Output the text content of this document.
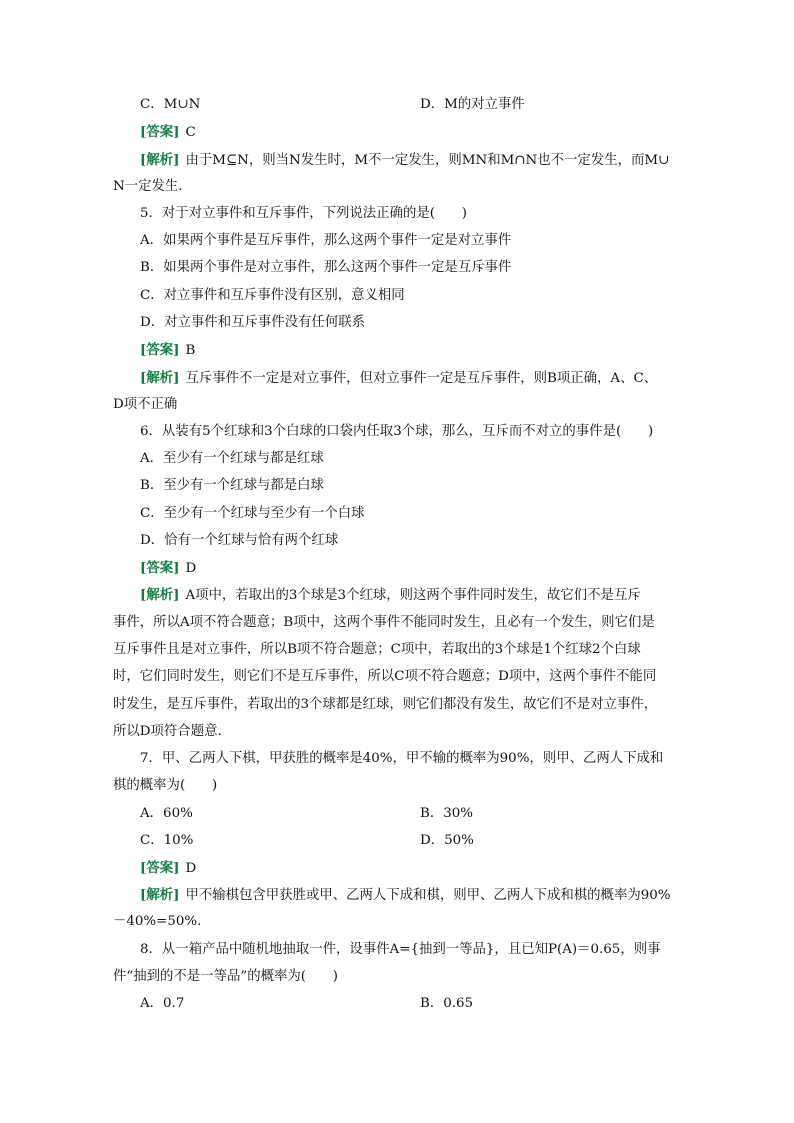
C．M∪N	D．M的对立事件
[答案] C
[解析] 由于M⊆N，则当N发生时，M不一定发生，则MN和M∩N也不一定发生，而M∪
N一定发生．
5．对于对立事件和互斥事件，下列说法正确的是(　　)
A．如果两个事件是互斥事件，那么这两个事件一定是对立事件
B．如果两个事件是对立事件，那么这两个事件一定是互斥事件
C．对立事件和互斥事件没有区别，意义相同
D．对立事件和互斥事件没有任何联系
[答案] B
[解析] 互斥事件不一定是对立事件，但对立事件一定是互斥事件，则B项正确，A、C、
D项不正确
6．从装有5个红球和3个白球的口袋内任取3个球，那么，互斥而不对立的事件是(　　)
A．至少有一个红球与都是红球
B．至少有一个红球与都是白球
C．至少有一个红球与至少有一个白球
D．恰有一个红球与恰有两个红球
[答案] D
[解析] A项中，若取出的3个球是3个红球，则这两个事件同时发生，故它们不是互斥
事件，所以A项不符合题意；B项中，这两个事件不能同时发生，且必有一个发生，则它们是
互斥事件且是对立事件，所以B项不符合题意；C项中，若取出的3个球是1个红球2个白球
时，它们同时发生，则它们不是互斥事件，所以C项不符合题意；D项中，这两个事件不能同
时发生，是互斥事件，若取出的3个球都是红球，则它们都没有发生，故它们不是对立事件，
所以D项符合题意．
7．甲、乙两人下棋，甲获胜的概率是40%，甲不输的概率为90%，则甲、乙两人下成和
棋的概率为(　　)
A．60%	B．30%
C．10%	D．50%
[答案] D
[解析] 甲不输棋包含甲获胜或甲、乙两人下成和棋，则甲、乙两人下成和棋的概率为90%
－40%=50%.
8．从一箱产品中随机地抽取一件，设事件A={抽到一等品}，且已知P(A)＝0.65，则事
件“抽到的不是一等品”的概率为(　　)
A．0.7	B．0.65
